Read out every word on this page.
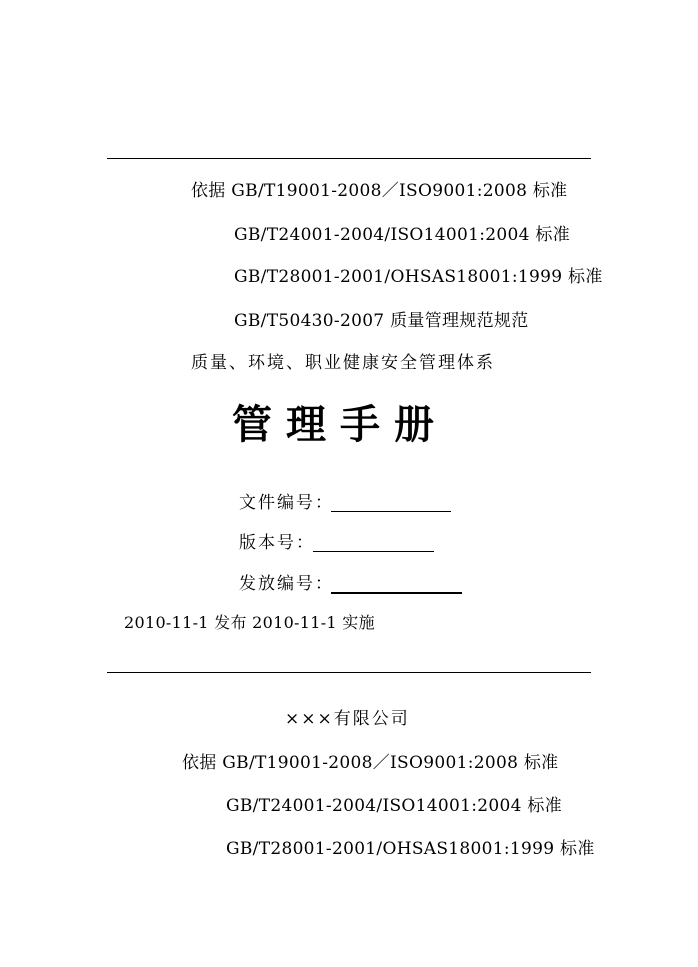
依据 GB/T19001-2008／ISO9001:2008 标准
GB/T24001-2004/ISO14001:2004 标准
GB/T28001-2001/OHSAS18001:1999 标准
GB/T50430-2007 质量管理规范规范
质量、环境、职业健康安全管理体系
管理手册
文件编号：
版本号：
发放编号：
2010-11-1 发布 2010-11-1 实施
×××有限公司
依据 GB/T19001-2008／ISO9001:2008 标准
GB/T24001-2004/ISO14001:2004 标准
GB/T28001-2001/OHSAS18001:1999 标准
